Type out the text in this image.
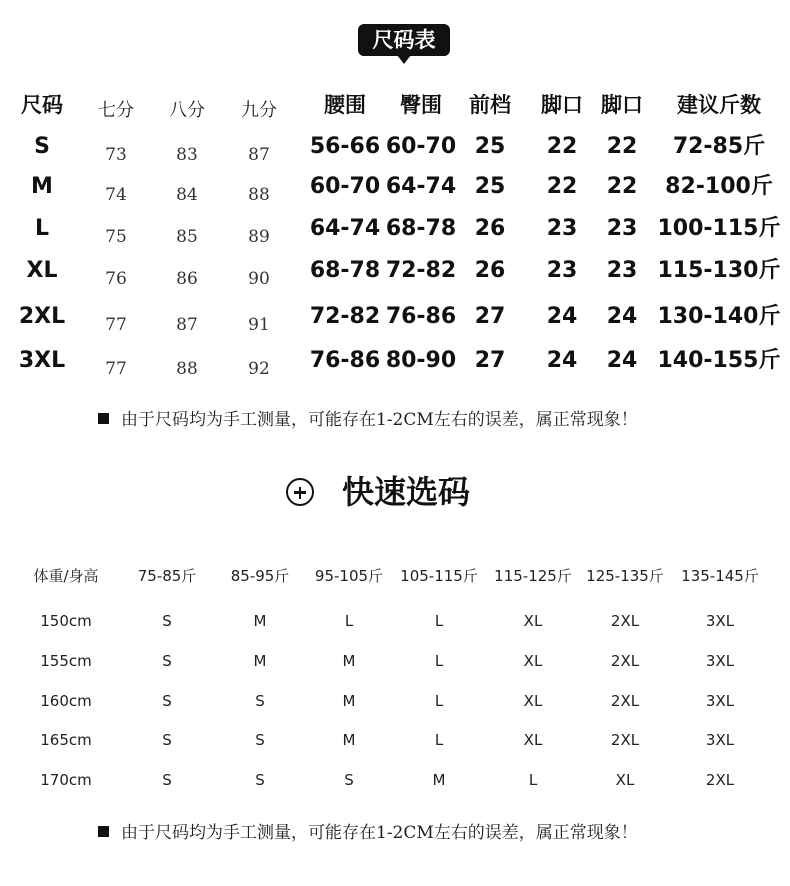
尺码表
尺码	七分	八分	九分	腰围	臀围	前档	脚口 脚口	建议斤数
S	73	83	87	56-66 60-70 25	22	22	72-85斤
M	74	84	88	60-70 64-74 25	22	22	82-100斤
L	75	85	89	64-74 68-78 26	23	23 100-115斤
XL	76	86	90	68-78 72-82 26	23	23 115-130斤
2XL	77	87	91	72-82 76-86 27	24	24 130-140斤
3XL	77	88	92	76-86 80-90 27	24	24 140-155斤
由于尺码均为手工测量，可能存在1-2CM左右的误差，属正常现象！
快速选码
体重/身高	75-85斤	85-95斤	95-105斤	105-115斤 115-125斤 125-135斤	135-145斤
150cm	S	M	L	L	XL	2XL	3XL
155cm	S	M	M	L	XL	2XL	3XL
160cm	S	S	M	L	XL	2XL	3XL
165cm	S	S	M	L	XL	2XL	3XL
170cm	S	S	S	M	L	XL	2XL
由于尺码均为手工测量，可能存在1-2CM左右的误差，属正常现象！
